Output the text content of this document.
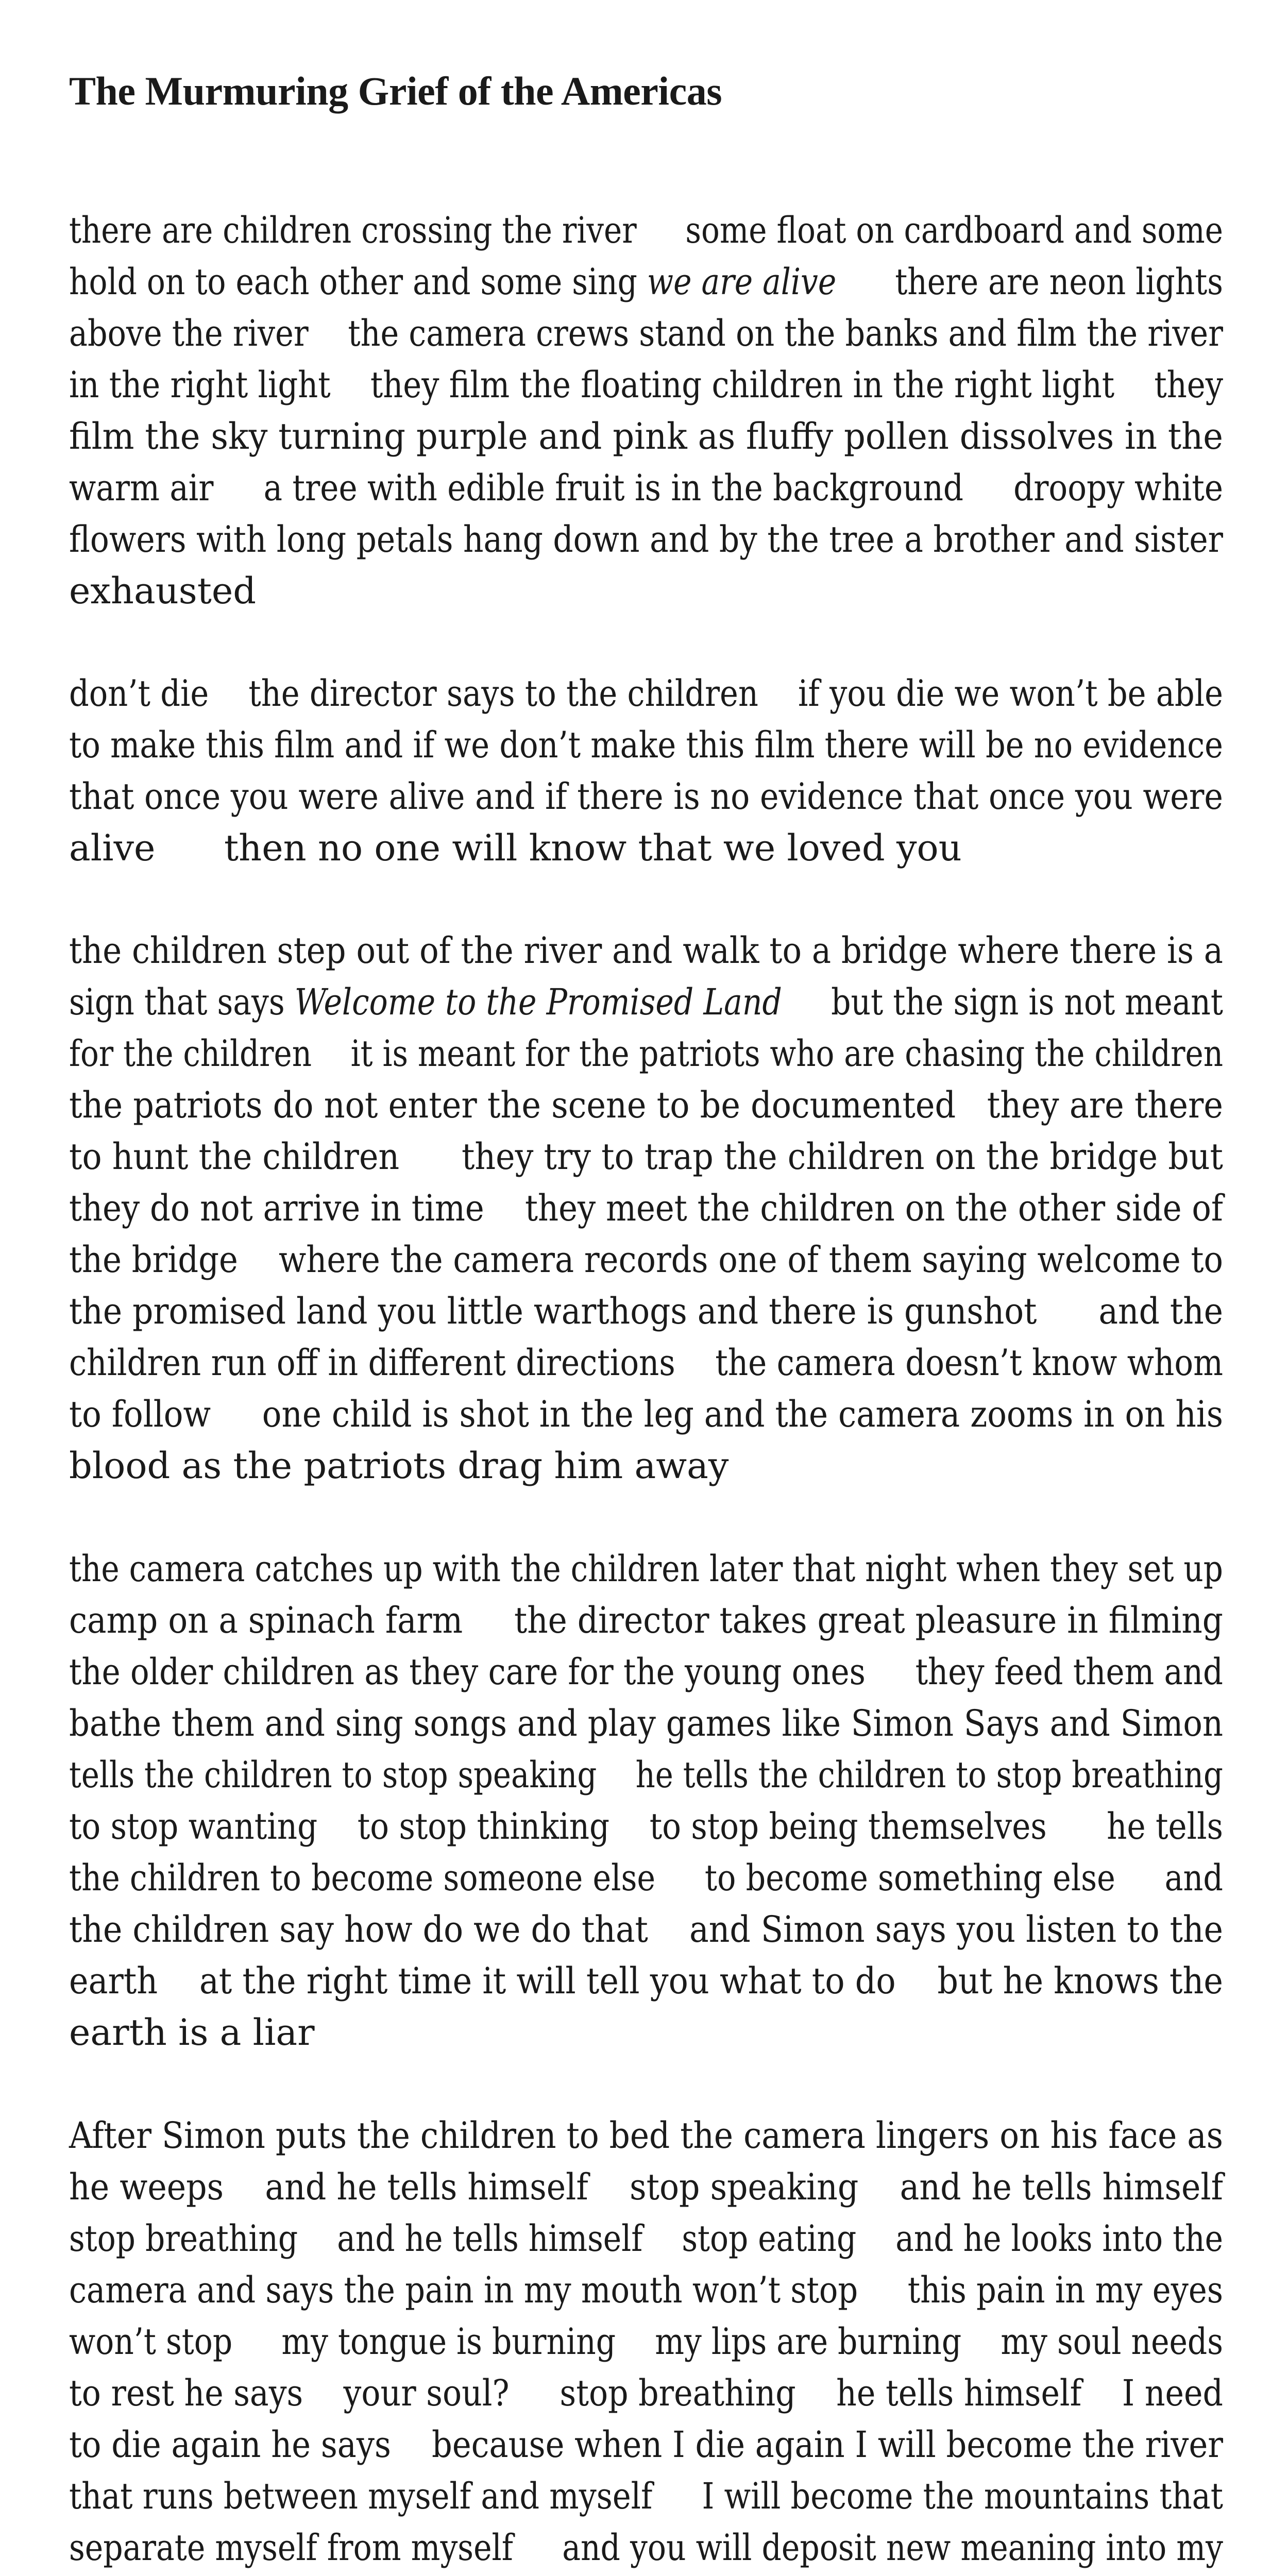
The Murmuring Grief of the Americas
there are children crossing the river     some float on cardboard and some
hold on to each other and some sing we are alive      there are neon lights
above the river    the camera crews stand on the banks and film the river
in the right light    they film the floating children in the right light    they
film the sky turning purple and pink as fluffy pollen dissolves in the
warm air     a tree with edible fruit is in the background     droopy white
flowers with long petals hang down and by the tree a brother and sister
exhausted
don’t die    the director says to the children    if you die we won’t be able
to make this film and if we don’t make this film there will be no evidence
that once you were alive and if there is no evidence that once you were
alive      then no one will know that we loved you
the children step out of the river and walk to a bridge where there is a
sign that says Welcome to the Promised Land     but the sign is not meant
for the children    it is meant for the patriots who are chasing the children
the patriots do not enter the scene to be documented   they are there
to hunt the children      they try to trap the children on the bridge but
they do not arrive in time    they meet the children on the other side of
the bridge    where the camera records one of them saying welcome to
the promised land you little warthogs and there is gunshot      and the
children run off in different directions    the camera doesn’t know whom
to follow     one child is shot in the leg and the camera zooms in on his
blood as the patriots drag him away
the camera catches up with the children later that night when they set up
camp on a spinach farm     the director takes great pleasure in filming
the older children as they care for the young ones     they feed them and
bathe them and sing songs and play games like Simon Says and Simon
tells the children to stop speaking    he tells the children to stop breathing
to stop wanting    to stop thinking    to stop being themselves      he tells
the children to become someone else     to become something else     and
the children say how do we do that    and Simon says you listen to the
earth    at the right time it will tell you what to do    but he knows the
earth is a liar
After Simon puts the children to bed the camera lingers on his face as
he weeps    and he tells himself    stop speaking    and he tells himself
stop breathing    and he tells himself    stop eating    and he looks into the
camera and says the pain in my mouth won’t stop     this pain in my eyes
won’t stop     my tongue is burning    my lips are burning    my soul needs
to rest he says    your soul?     stop breathing    he tells himself    I need
to die again he says    because when I die again I will become the river
that runs between myself and myself     I will become the mountains that
separate myself from myself     and you will deposit new meaning into my
